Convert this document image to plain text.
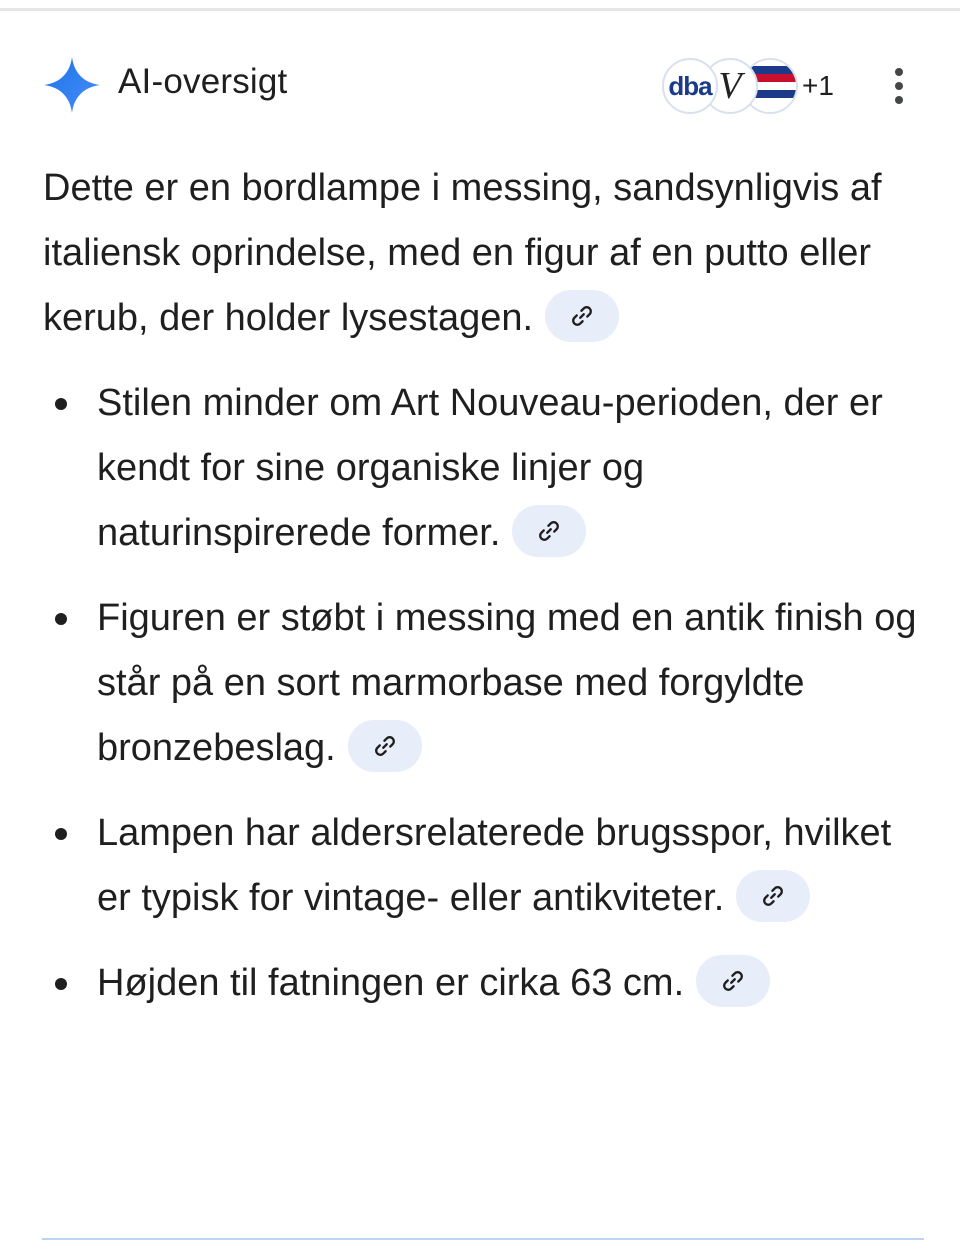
AI-oversigt	dba V +1

Dette er en bordlampe i messing, sandsynligvis af italiensk oprindelse, med en figur af en putto eller kerub, der holder lysestagen.

Stilen minder om Art Nouveau-perioden, der er kendt for sine organiske linjer og naturinspirerede former.
Figuren er støbt i messing med en antik finish og står på en sort marmorbase med forgyldte bronzebeslag.
Lampen har aldersrelaterede brugsspor, hvilket er typisk for vintage- eller antikviteter.
Højden til fatningen er cirka 63 cm.
